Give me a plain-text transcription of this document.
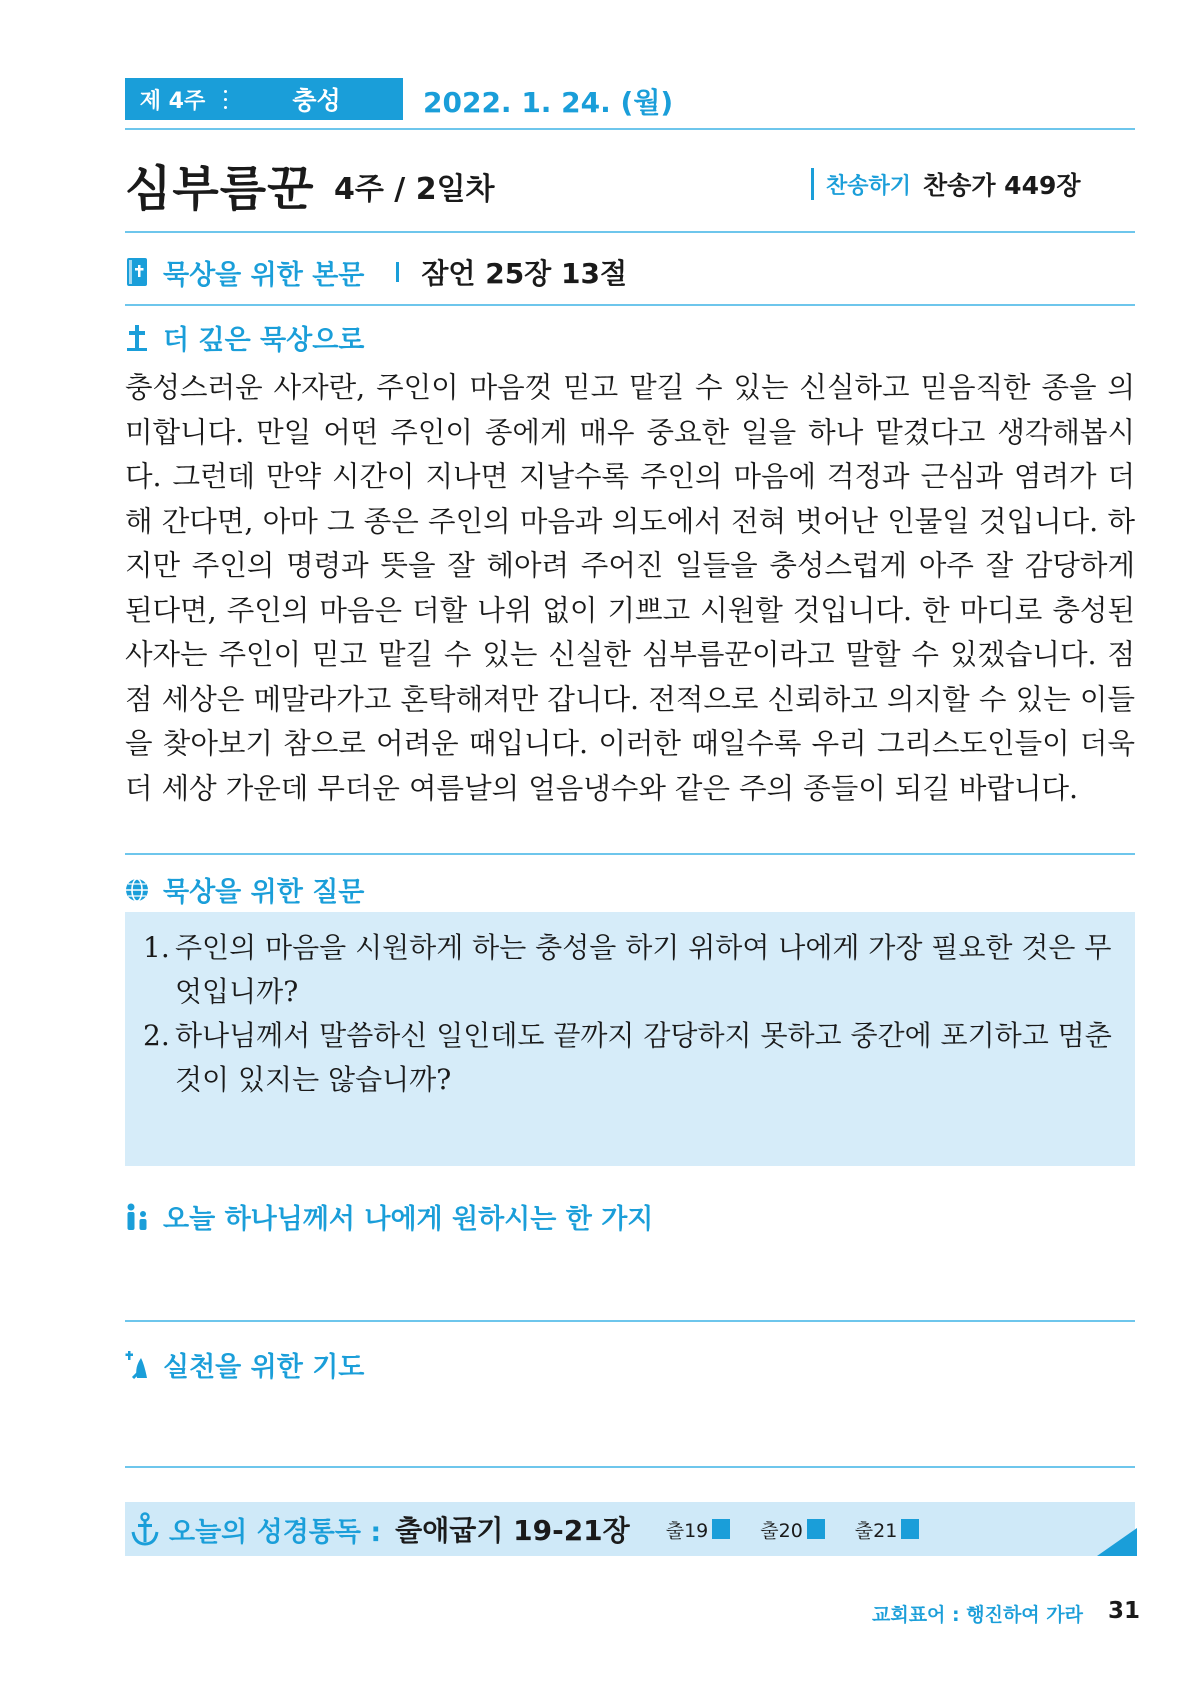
제 4주	충성	2022. 1. 24. (월)
심부름꾼 4주 / 2일차	찬송하기 찬송가 449장
묵상을 위한 본문 잠언 25장 13절
더 깊은 묵상으로
충성스러운 사자란, 주인이 마음껏 믿고 맡길 수 있는 신실하고 믿음직한 종을 의미합니다. 만일 어떤 주인이 종에게 매우 중요한 일을 하나 맡겼다고 생각해봅시다. 그런데 만약 시간이 지나면 지날수록 주인의 마음에 걱정과 근심과 염려가 더해 간다면, 아마 그 종은 주인의 마음과 의도에서 전혀 벗어난 인물일 것입니다. 하지만 주인의 명령과 뜻을 잘 헤아려 주어진 일들을 충성스럽게 아주 잘 감당하게 된다면, 주인의 마음은 더할 나위 없이 기쁘고 시원할 것입니다. 한 마디로 충성된 사자는 주인이 믿고 맡길 수 있는 신실한 심부름꾼이라고 말할 수 있겠습니다. 점점 세상은 메말라가고 혼탁해져만 갑니다. 전적으로 신뢰하고 의지할 수 있는 이들을 찾아보기 참으로 어려운 때입니다. 이러한 때일수록 우리 그리스도인들이 더욱더 세상 가운데 무더운 여름날의 얼음냉수와 같은 주의 종들이 되길 바랍니다.
묵상을 위한 질문
1. 주인의 마음을 시원하게 하는 충성을 하기 위하여 나에게 가장 필요한 것은 무엇입니까?
2. 하나님께서 말씀하신 일인데도 끝까지 감당하지 못하고 중간에 포기하고 멈춘 것이 있지는 않습니까?
오늘 하나님께서 나에게 원하시는 한 가지
실천을 위한 기도
오늘의 성경통독 : 출애굽기 19-21장 출19	출20	출21
교회표어 : 행진하여 가라 31
